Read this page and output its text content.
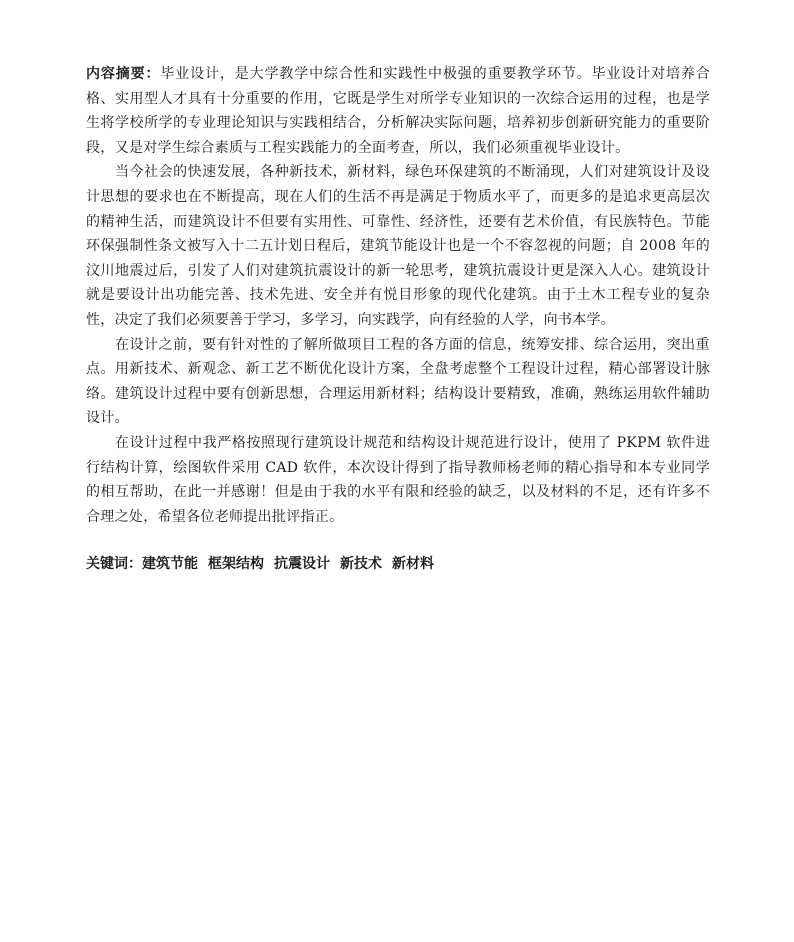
内容摘要：毕业设计，是大学教学中综合性和实践性中极强的重要教学环节。毕业设计对培养合格、实用型人才具有十分重要的作用，它既是学生对所学专业知识的一次综合运用的过程，也是学生将学校所学的专业理论知识与实践相结合，分析解决实际问题，培养初步创新研究能力的重要阶段，又是对学生综合素质与工程实践能力的全面考查，所以，我们必须重视毕业设计。

当今社会的快速发展，各种新技术，新材料，绿色环保建筑的不断涌现，人们对建筑设计及设计思想的要求也在不断提高，现在人们的生活不再是满足于物质水平了，而更多的是追求更高层次的精神生活，而建筑设计不但要有实用性、可靠性、经济性，还要有艺术价值，有民族特色。节能环保强制性条文被写入十二五计划日程后，建筑节能设计也是一个不容忽视的问题；自 2008 年的汶川地震过后，引发了人们对建筑抗震设计的新一轮思考，建筑抗震设计更是深入人心。建筑设计就是要设计出功能完善、技术先进、安全并有悦目形象的现代化建筑。由于土木工程专业的复杂性，决定了我们必须要善于学习，多学习，向实践学，向有经验的人学，向书本学。

在设计之前，要有针对性的了解所做项目工程的各方面的信息，统筹安排、综合运用，突出重点。用新技术、新观念、新工艺不断优化设计方案，全盘考虑整个工程设计过程，精心部署设计脉络。建筑设计过程中要有创新思想，合理运用新材料；结构设计要精致，准确，熟练运用软件辅助设计。

在设计过程中我严格按照现行建筑设计规范和结构设计规范进行设计，使用了 PKPM 软件进行结构计算，绘图软件采用 CAD 软件，本次设计得到了指导教师杨老师的精心指导和本专业同学的相互帮助，在此一并感谢！但是由于我的水平有限和经验的缺乏，以及材料的不足，还有许多不合理之处，希望各位老师提出批评指正。

关键词：建筑节能 框架结构 抗震设计 新技术 新材料
